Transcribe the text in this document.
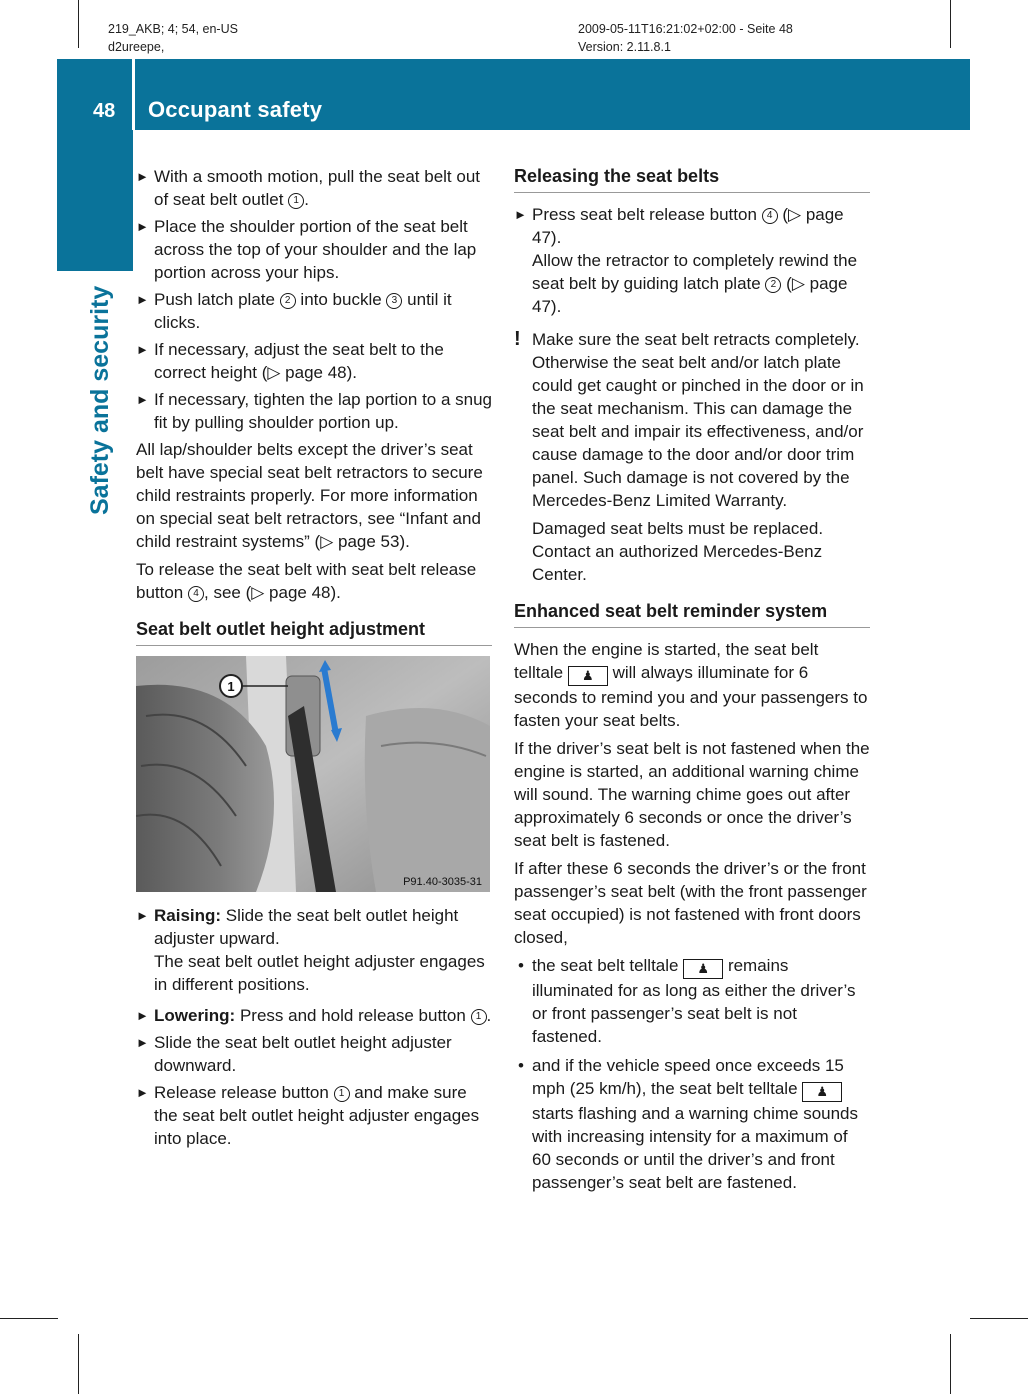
219_AKB; 4; 54, en-US
d2ureepe,
2009-05-11T16:21:02+02:00 - Seite 48
Version: 2.11.8.1
48 Occupant safety
Safety and security
► With a smooth motion, pull the seat belt out of seat belt outlet 1 .
► Place the shoulder portion of the seat belt across the top of your shoulder and the lap portion across your hips.
► Push latch plate 2 into buckle 3 until it clicks.
► If necessary, adjust the seat belt to the correct height (▷ page 48).
► If necessary, tighten the lap portion to a snug fit by pulling shoulder portion up.

All lap/shoulder belts except the driver’s seat belt have special seat belt retractors to secure child restraints properly. For more information on special seat belt retractors, see “Infant and child restraint systems” (▷ page 53).

To release the seat belt with seat belt release button 4 , see (▷ page 48).

Seat belt outlet height adjustment
1
P91.40-3035-31
► Raising: Slide the seat belt outlet height adjuster upward.
The seat belt outlet height adjuster engages in different positions.
► Lowering: Press and hold release button 1 .
► Slide the seat belt outlet height adjuster downward.
► Release release button 1 and make sure the seat belt outlet height adjuster engages into place.
Releasing the seat belts
► Press seat belt release button 4 (▷ page 47).
Allow the retractor to completely rewind the seat belt by guiding latch plate 2 (▷ page 47).
! Make sure the seat belt retracts completely. Otherwise the seat belt and/or latch plate could get caught or pinched in the door or in the seat mechanism. This can damage the seat belt and impair its effectiveness, and/or cause damage to the door and/or door trim panel. Such damage is not covered by the Mercedes-Benz Limited Warranty.

Damaged seat belts must be replaced. Contact an authorized Mercedes-Benz Center.

Enhanced seat belt reminder system

When the engine is started, the seat belt telltale ♟ will always illuminate for 6 seconds to remind you and your passengers to fasten your seat belts.

If the driver’s seat belt is not fastened when the engine is started, an additional warning chime will sound. The warning chime goes out after approximately 6 seconds or once the driver’s seat belt is fastened.

If after these 6 seconds the driver’s or the front passenger’s seat belt (with the front passenger seat occupied) is not fastened with front doors closed,

• the seat belt telltale ♟ remains illuminated for as long as either the driver’s or front passenger’s seat belt is not fastened.
• and if the vehicle speed once exceeds 15 mph (25 km/h), the seat belt telltale ♟ starts flashing and a warning chime sounds with increasing intensity for a maximum of 60 seconds or until the driver’s and front passenger’s seat belt are fastened.
